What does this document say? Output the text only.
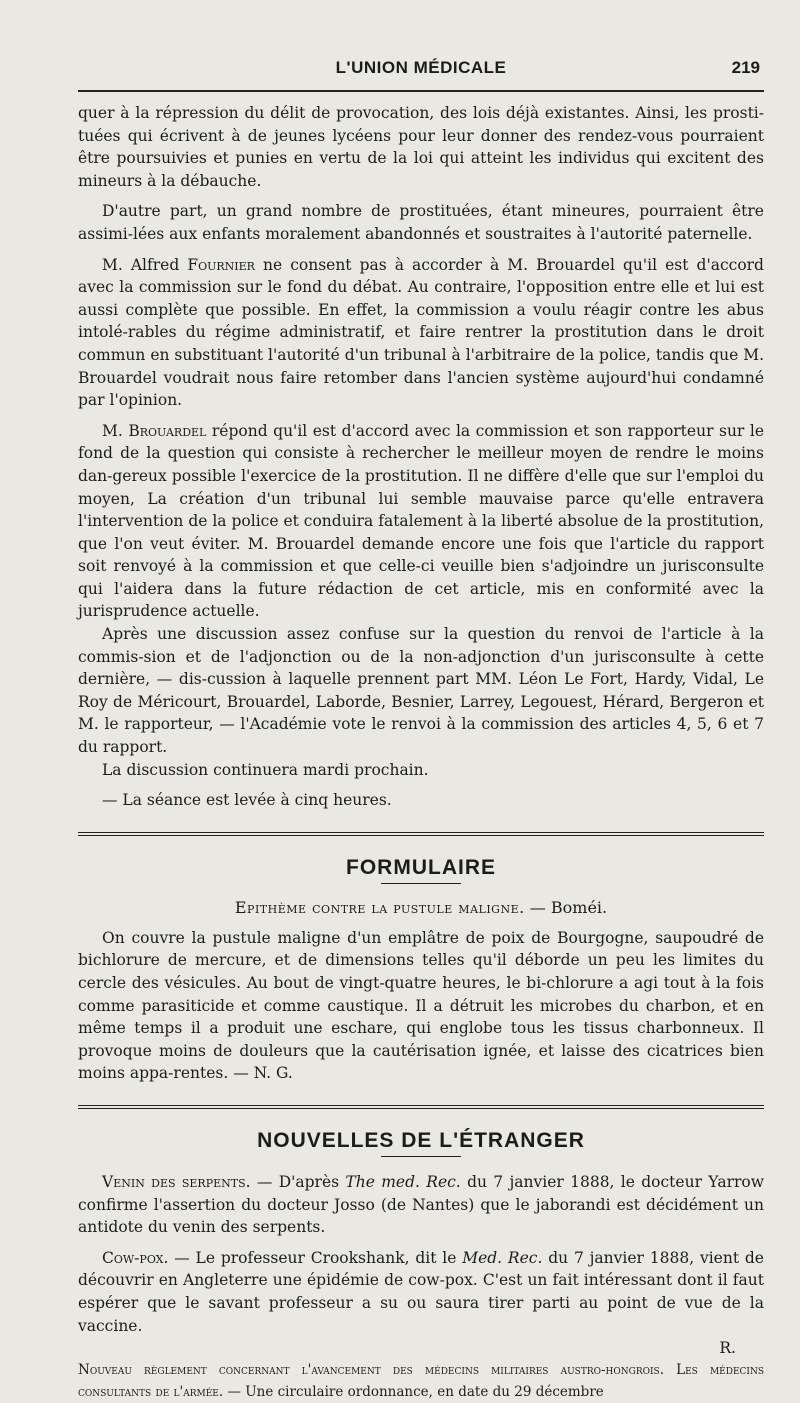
L'UNION MÉDICALE	219

quer à la répression du délit de provocation, des lois déjà existantes. Ainsi, les prosti-tuées qui écrivent à de jeunes lycéens pour leur donner des rendez-vous pourraient être poursuivies et punies en vertu de la loi qui atteint les individus qui excitent des mineurs à la débauche.

D'autre part, un grand nombre de prostituées, étant mineures, pourraient être assimi-lées aux enfants moralement abandonnés et soustraites à l'autorité paternelle.

M. Alfred Fournier ne consent pas à accorder à M. Brouardel qu'il est d'accord avec la commission sur le fond du débat. Au contraire, l'opposition entre elle et lui est aussi complète que possible. En effet, la commission a voulu réagir contre les abus intolé-rables du régime administratif, et faire rentrer la prostitution dans le droit commun en substituant l'autorité d'un tribunal à l'arbitraire de la police, tandis que M. Brouardel voudrait nous faire retomber dans l'ancien système aujourd'hui condamné par l'opinion.

M. Brouardel répond qu'il est d'accord avec la commission et son rapporteur sur le fond de la question qui consiste à rechercher le meilleur moyen de rendre le moins dan-gereux possible l'exercice de la prostitution. Il ne diffère d'elle que sur l'emploi du moyen, La création d'un tribunal lui semble mauvaise parce qu'elle entravera l'intervention de la police et conduira fatalement à la liberté absolue de la prostitution, que l'on veut éviter. M. Brouardel demande encore une fois que l'article du rapport soit renvoyé à la commission et que celle-ci veuille bien s'adjoindre un jurisconsulte qui l'aidera dans la future rédaction de cet article, mis en conformité avec la jurisprudence actuelle.

Après une discussion assez confuse sur la question du renvoi de l'article à la commis-sion et de l'adjonction ou de la non-adjonction d'un jurisconsulte à cette dernière, — dis-cussion à laquelle prennent part MM. Léon Le Fort, Hardy, Vidal, Le Roy de Méricourt, Brouardel, Laborde, Besnier, Larrey, Legouest, Hérard, Bergeron et M. le rapporteur, — l'Académie vote le renvoi à la commission des articles 4, 5, 6 et 7 du rapport.

La discussion continuera mardi prochain.

— La séance est levée à cinq heures.

FORMULAIRE
Epithème contre la pustule maligne. — Boméi.

On couvre la pustule maligne d'un emplâtre de poix de Bourgogne, saupoudré de bichlorure de mercure, et de dimensions telles qu'il déborde un peu les limites du cercle des vésicules. Au bout de vingt-quatre heures, le bi-chlorure a agi tout à la fois comme parasiticide et comme caustique. Il a détruit les microbes du charbon, et en même temps il a produit une eschare, qui englobe tous les tissus charbonneux. Il provoque moins de douleurs que la cautérisation ignée, et laisse des cicatrices bien moins appa-rentes. — N. G.

NOUVELLES DE L'ÉTRANGER

Venin des serpents. — D'après The med. Rec. du 7 janvier 1888, le docteur Yarrow confirme l'assertion du docteur Josso (de Nantes) que le jaborandi est décidément un antidote du venin des serpents.

Cow-pox. — Le professeur Crookshank, dit le Med. Rec. du 7 janvier 1888, vient de découvrir en Angleterre une épidémie de cow-pox. C'est un fait intéressant dont il faut espérer que le savant professeur a su ou saura tirer parti au point de vue de la vaccine.

R.

Nouveau règlement concernant l'avancement des médecins militaires austro-hongrois. Les médecins consultants de l'armée. — Une circulaire ordonnance, en date du 29 décembre
